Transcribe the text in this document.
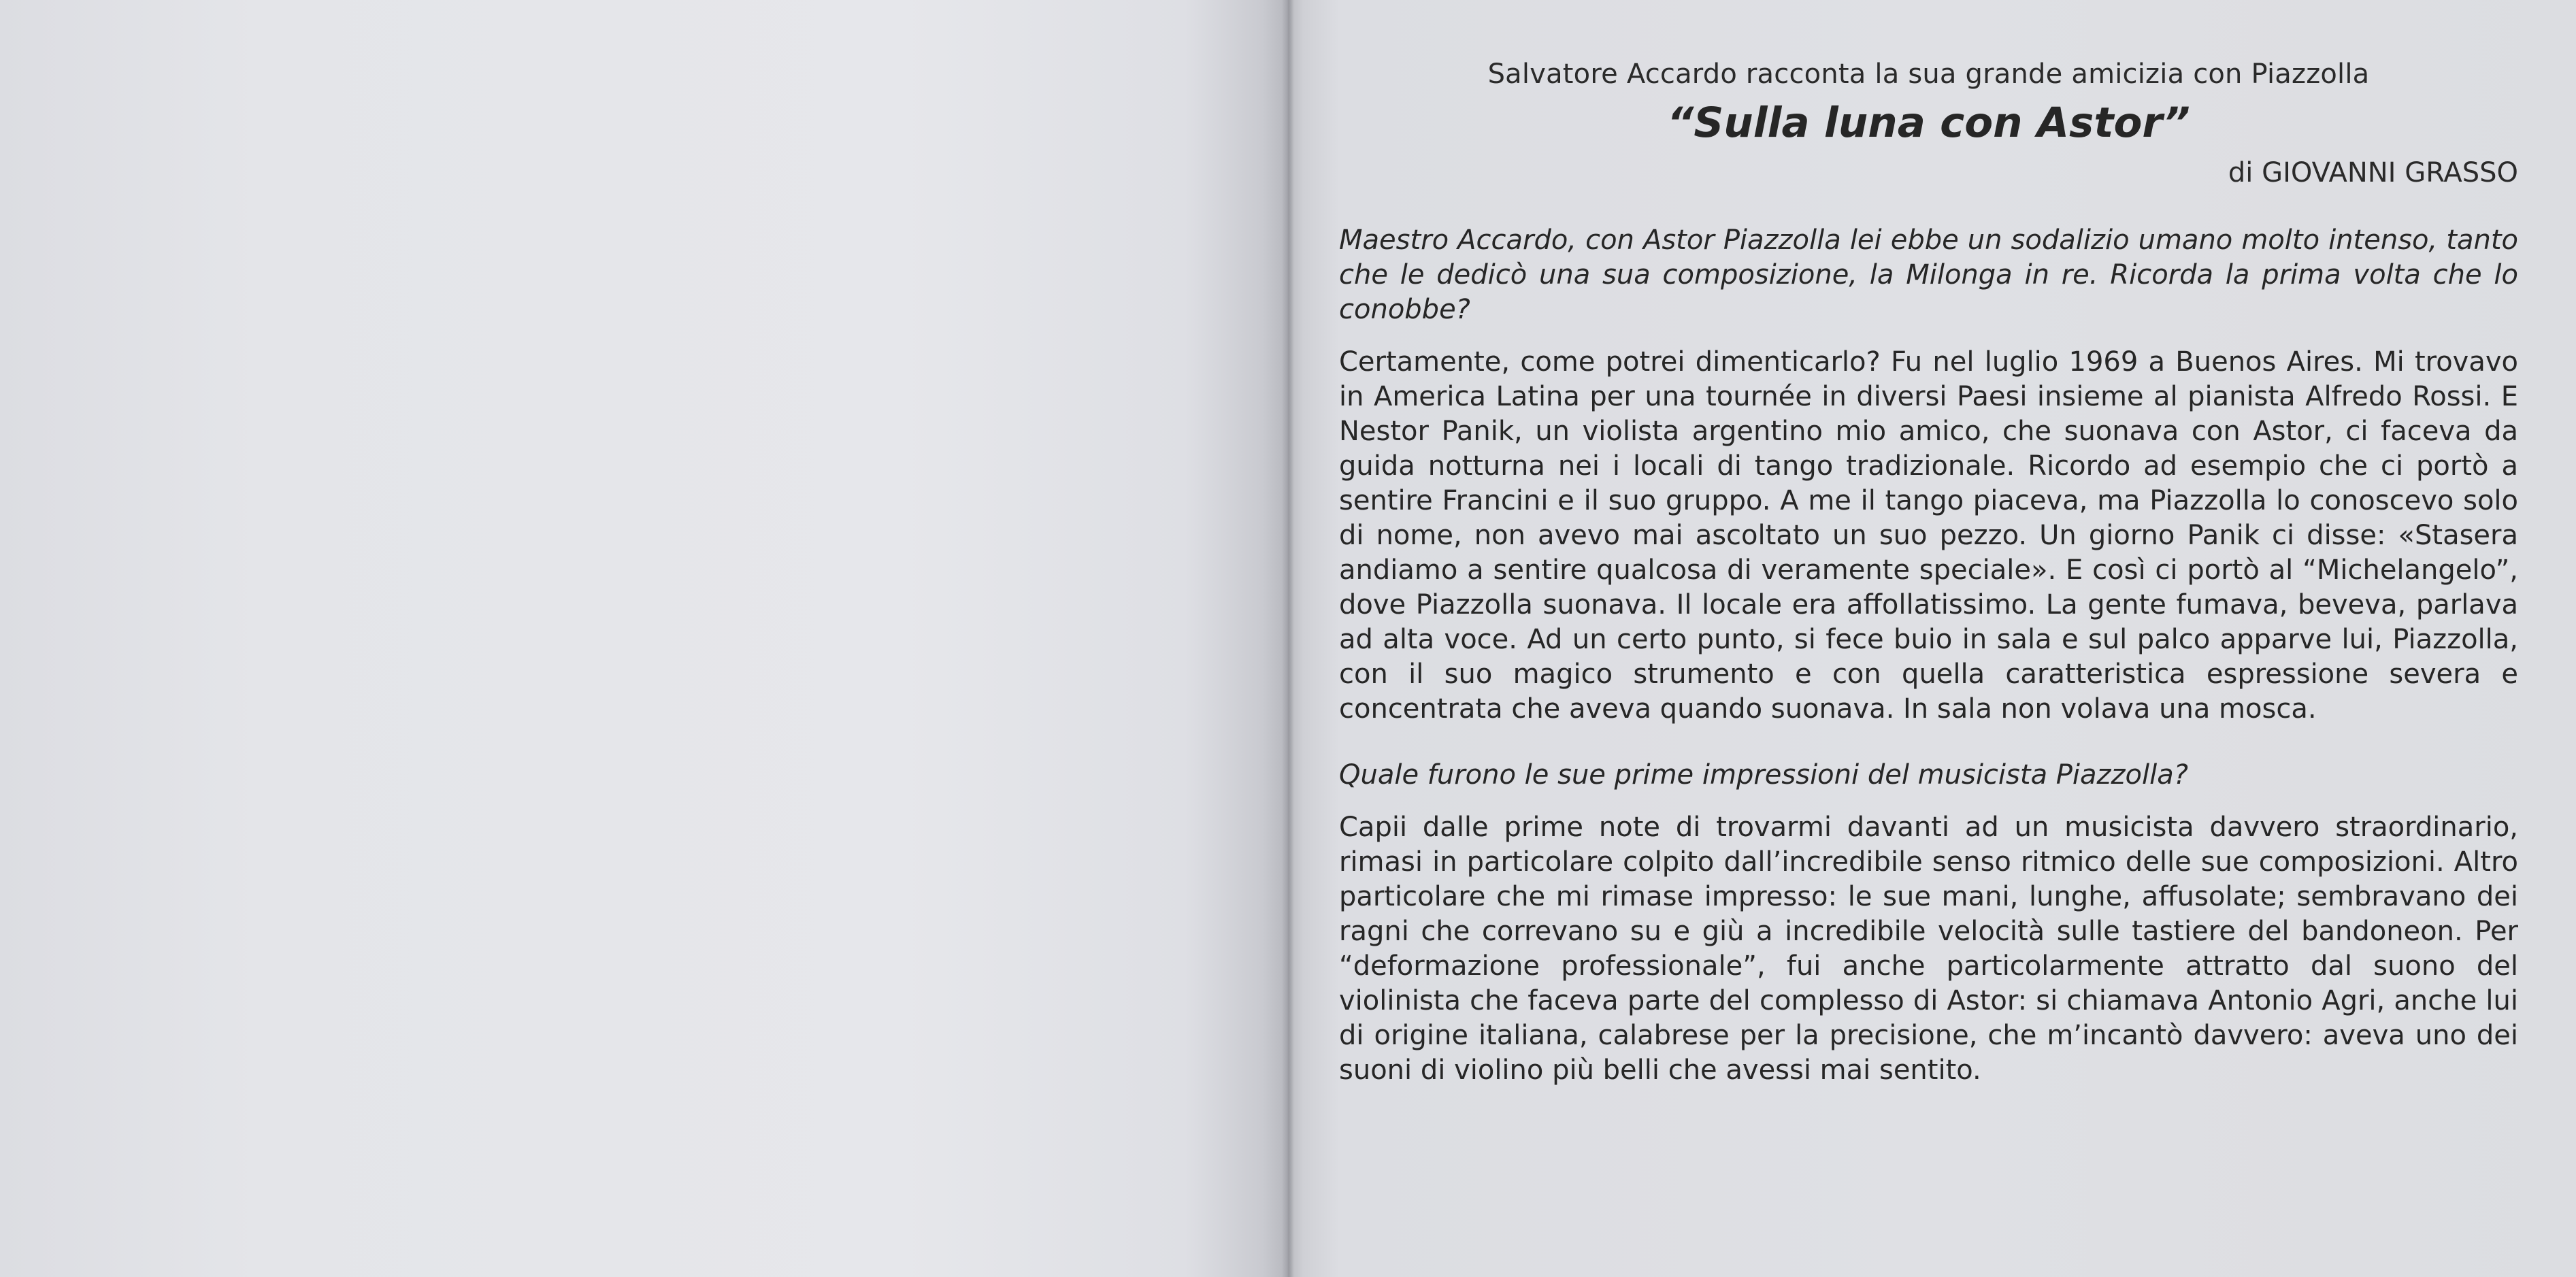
Salvatore Accardo racconta la sua grande amicizia con Piazzolla

“Sulla luna con Astor”

di GIOVANNI GRASSO

Maestro Accardo, con Astor Piazzolla lei ebbe un sodalizio umano molto intenso, tanto che le dedicò una sua composizione, la Milonga in re. Ricorda la prima volta che lo conobbe?

Certamente, come potrei dimenticarlo? Fu nel luglio 1969 a Buenos Aires. Mi trovavo in America Latina per una tournée in diversi Paesi insieme al pianista Alfredo Rossi. E Nestor Panik, un violista argentino mio amico, che suonava con Astor, ci faceva da guida notturna nei i locali di tango tradizionale. Ricordo ad esempio che ci portò a sentire Francini e il suo gruppo. A me il tango piaceva, ma Piazzolla lo conoscevo solo di nome, non avevo mai ascoltato un suo pezzo. Un giorno Panik ci disse: «Stasera andiamo a sentire qualcosa di veramente speciale». E così ci portò al “Michelangelo”, dove Piazzolla suonava. Il locale era affollatissimo. La gente fumava, beveva, parlava ad alta voce. Ad un certo punto, si fece buio in sala e sul palco apparve lui, Piazzolla, con il suo magico strumento e con quella caratteristica espressione severa e concentrata che aveva quando suonava. In sala non volava una mosca.

Quale furono le sue prime impressioni del musicista Piazzolla?

Capii dalle prime note di trovarmi davanti ad un musicista davvero straordinario, rimasi in particolare colpito dall’incredibile senso ritmico delle sue composizioni. Altro particolare che mi rimase impresso: le sue mani, lunghe, affusolate; sembravano dei ragni che correvano su e giù a incredibile velocità sulle tastiere del bandoneon. Per “deformazione professionale”, fui anche particolarmente attratto dal suono del violinista che faceva parte del complesso di Astor: si chiamava Antonio Agri, anche lui di origine italiana, calabrese per la precisione, che m’incantò davvero: aveva uno dei suoni di violino più belli che avessi mai sentito.
